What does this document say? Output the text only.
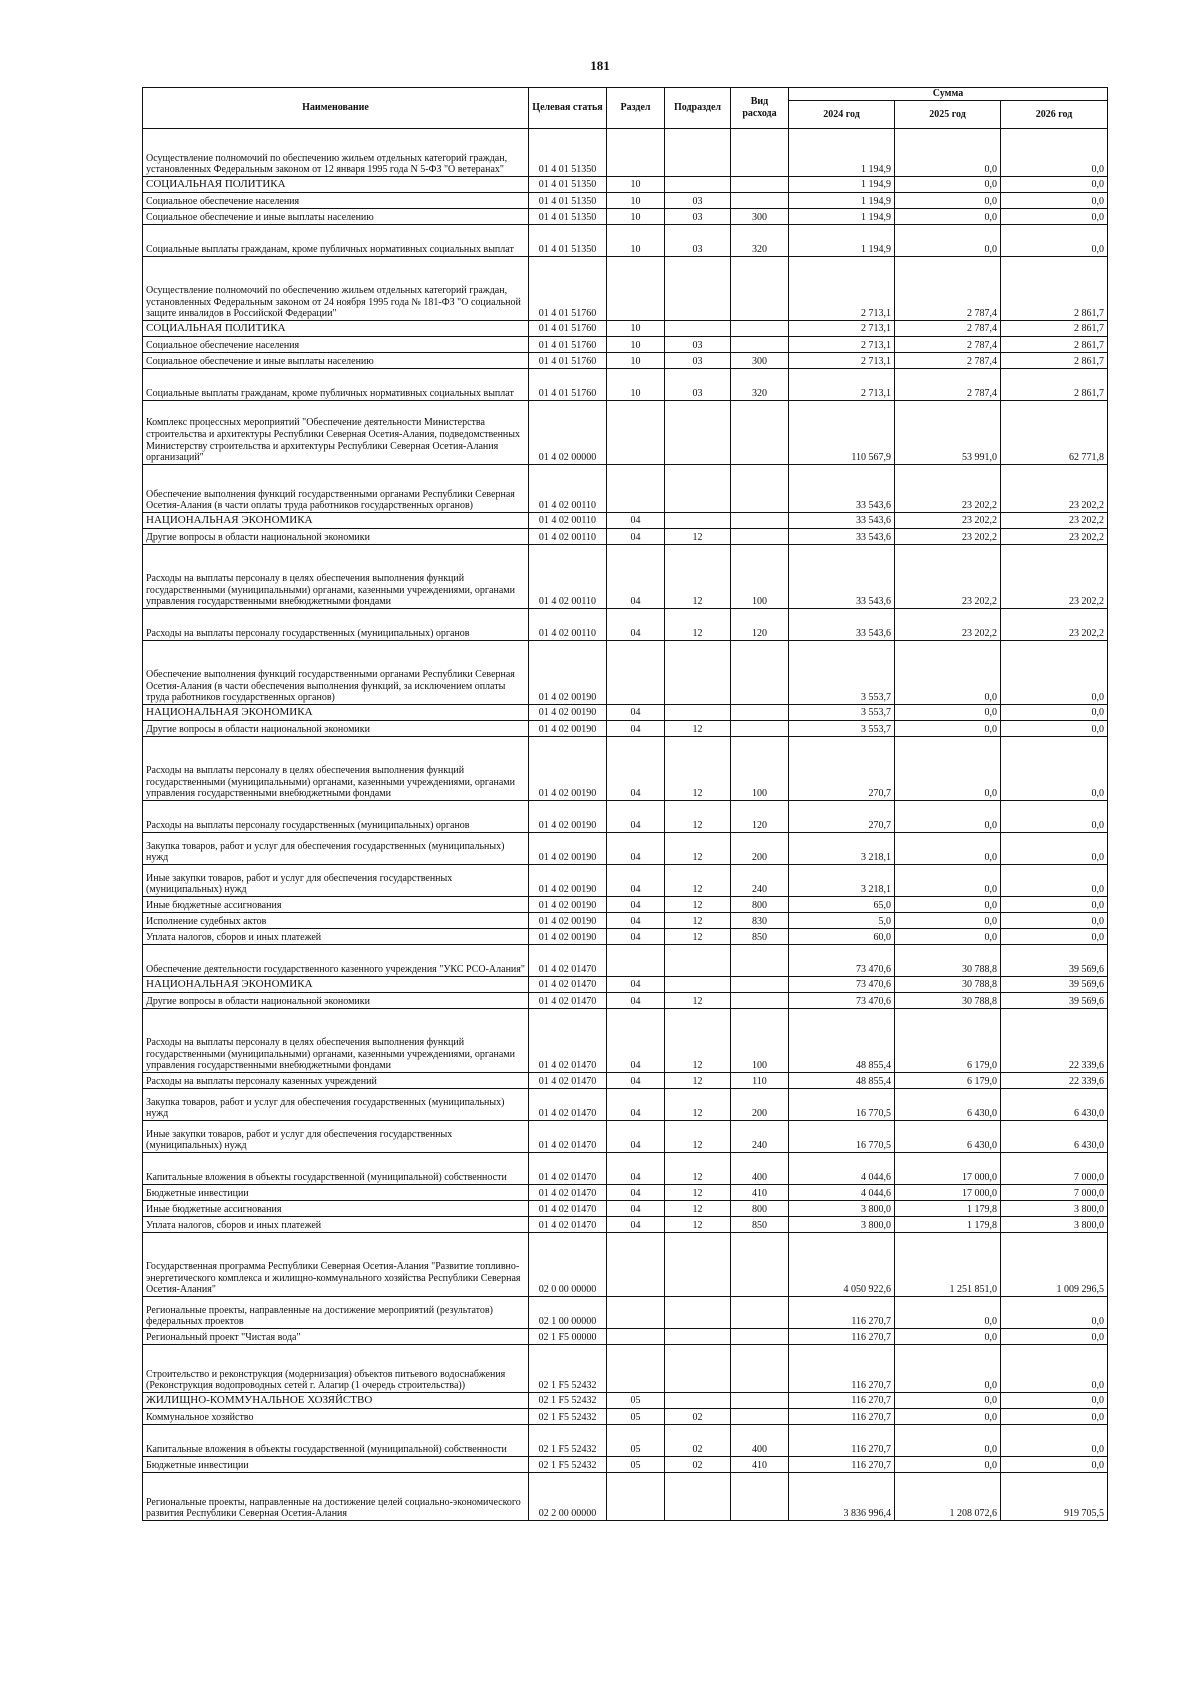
181
Наименование	Целевая статья	Раздел	Подраздел	Вид расхода	Сумма		
					2024 год	2025 год	2026 год
Осуществление полномочий по обеспечению жильем отдельных категорий граждан, установленных Федеральным законом от 12 января 1995 года N 5-ФЗ "О ветеранах"	01 4 01 51350				1 194,9	0,0	0,0
СОЦИАЛЬНАЯ ПОЛИТИКА	01 4 01 51350	10			1 194,9	0,0	0,0
Социальное обеспечение населения	01 4 01 51350	10	03		1 194,9	0,0	0,0
Социальное обеспечение и иные выплаты населению	01 4 01 51350	10	03	300	1 194,9	0,0	0,0
Социальные выплаты гражданам, кроме публичных нормативных социальных выплат	01 4 01 51350	10	03	320	1 194,9	0,0	0,0
Осуществление полномочий по обеспечению жильем отдельных категорий граждан, установленных Федеральным законом от 24 ноября 1995 года № 181-ФЗ "О социальной защите инвалидов в Российской Федерации"	01 4 01 51760				2 713,1	2 787,4	2 861,7
СОЦИАЛЬНАЯ ПОЛИТИКА	01 4 01 51760	10			2 713,1	2 787,4	2 861,7
Социальное обеспечение населения	01 4 01 51760	10	03		2 713,1	2 787,4	2 861,7
Социальное обеспечение и иные выплаты населению	01 4 01 51760	10	03	300	2 713,1	2 787,4	2 861,7
Социальные выплаты гражданам, кроме публичных нормативных социальных выплат	01 4 01 51760	10	03	320	2 713,1	2 787,4	2 861,7
Комплекс процессных мероприятий "Обеспечение деятельности Министерства строительства и архитектуры Республики Северная Осетия-Алания, подведомственных Министерству строительства и архитектуры Республики Северная Осетия-Алания организаций"	01 4 02 00000				110 567,9	53 991,0	62 771,8
Обеспечение выполнения функций государственными органами Республики Северная Осетия-Алания (в части оплаты труда работников государственных органов)	01 4 02 00110				33 543,6	23 202,2	23 202,2
НАЦИОНАЛЬНАЯ ЭКОНОМИКА	01 4 02 00110	04			33 543,6	23 202,2	23 202,2
Другие вопросы в области национальной экономики	01 4 02 00110	04	12		33 543,6	23 202,2	23 202,2
Расходы на выплаты персоналу в целях обеспечения выполнения функций государственными (муниципальными) органами, казенными учреждениями, органами управления государственными внебюджетными фондами	01 4 02 00110	04	12	100	33 543,6	23 202,2	23 202,2
Расходы на выплаты персоналу государственных (муниципальных) органов	01 4 02 00110	04	12	120	33 543,6	23 202,2	23 202,2
Обеспечение выполнения функций государственными органами Республики Северная Осетия-Алания (в части обеспечения выполнения функций, за исключением оплаты труда работников государственных органов)	01 4 02 00190				3 553,7	0,0	0,0
НАЦИОНАЛЬНАЯ ЭКОНОМИКА	01 4 02 00190	04			3 553,7	0,0	0,0
Другие вопросы в области национальной экономики	01 4 02 00190	04	12		3 553,7	0,0	0,0
Расходы на выплаты персоналу в целях обеспечения выполнения функций государственными (муниципальными) органами, казенными учреждениями, органами управления государственными внебюджетными фондами	01 4 02 00190	04	12	100	270,7	0,0	0,0
Расходы на выплаты персоналу государственных (муниципальных) органов	01 4 02 00190	04	12	120	270,7	0,0	0,0
Закупка товаров, работ и услуг для обеспечения государственных (муниципальных) нужд	01 4 02 00190	04	12	200	3 218,1	0,0	0,0
Иные закупки товаров, работ и услуг для обеспечения государственных (муниципальных) нужд	01 4 02 00190	04	12	240	3 218,1	0,0	0,0
Иные бюджетные ассигнования	01 4 02 00190	04	12	800	65,0	0,0	0,0
Исполнение судебных актов	01 4 02 00190	04	12	830	5,0	0,0	0,0
Уплата налогов, сборов и иных платежей	01 4 02 00190	04	12	850	60,0	0,0	0,0
Обеспечение деятельности государственного казенного учреждения "УКС РСО-Алания"	01 4 02 01470				73 470,6	30 788,8	39 569,6
НАЦИОНАЛЬНАЯ ЭКОНОМИКА	01 4 02 01470	04			73 470,6	30 788,8	39 569,6
Другие вопросы в области национальной экономики	01 4 02 01470	04	12		73 470,6	30 788,8	39 569,6
Расходы на выплаты персоналу в целях обеспечения выполнения функций государственными (муниципальными) органами, казенными учреждениями, органами управления государственными внебюджетными фондами	01 4 02 01470	04	12	100	48 855,4	6 179,0	22 339,6
Расходы на выплаты персоналу казенных учреждений	01 4 02 01470	04	12	110	48 855,4	6 179,0	22 339,6
Закупка товаров, работ и услуг для обеспечения государственных (муниципальных) нужд	01 4 02 01470	04	12	200	16 770,5	6 430,0	6 430,0
Иные закупки товаров, работ и услуг для обеспечения государственных (муниципальных) нужд	01 4 02 01470	04	12	240	16 770,5	6 430,0	6 430,0
Капитальные вложения в объекты государственной (муниципальной) собственности	01 4 02 01470	04	12	400	4 044,6	17 000,0	7 000,0
Бюджетные инвестиции	01 4 02 01470	04	12	410	4 044,6	17 000,0	7 000,0
Иные бюджетные ассигнования	01 4 02 01470	04	12	800	3 800,0	1 179,8	3 800,0
Уплата налогов, сборов и иных платежей	01 4 02 01470	04	12	850	3 800,0	1 179,8	3 800,0
Государственная программа Республики Северная Осетия-Алания "Развитие топливно-энергетического комплекса и жилищно-коммунального хозяйства Республики Северная Осетия-Алания"	02 0 00 00000				4 050 922,6	1 251 851,0	1 009 296,5
Региональные проекты, направленные на достижение мероприятий (результатов) федеральных проектов	02 1 00 00000				116 270,7	0,0	0,0
Региональный проект "Чистая вода"	02 1 F5 00000				116 270,7	0,0	0,0
Строительство и реконструкция (модернизация) объектов питьевого водоснабжения (Реконструкция водопроводных сетей г. Алагир (1 очередь строительства))	02 1 F5 52432				116 270,7	0,0	0,0
ЖИЛИЩНО-КОММУНАЛЬНОЕ ХОЗЯЙСТВО	02 1 F5 52432	05			116 270,7	0,0	0,0
Коммунальное хозяйство	02 1 F5 52432	05	02		116 270,7	0,0	0,0
Капитальные вложения в объекты государственной (муниципальной) собственности	02 1 F5 52432	05	02	400	116 270,7	0,0	0,0
Бюджетные инвестиции	02 1 F5 52432	05	02	410	116 270,7	0,0	0,0
Региональные проекты, направленные на достижение целей социально-экономического развития Республики Северная Осетия-Алания	02 2 00 00000				3 836 996,4	1 208 072,6	919 705,5
